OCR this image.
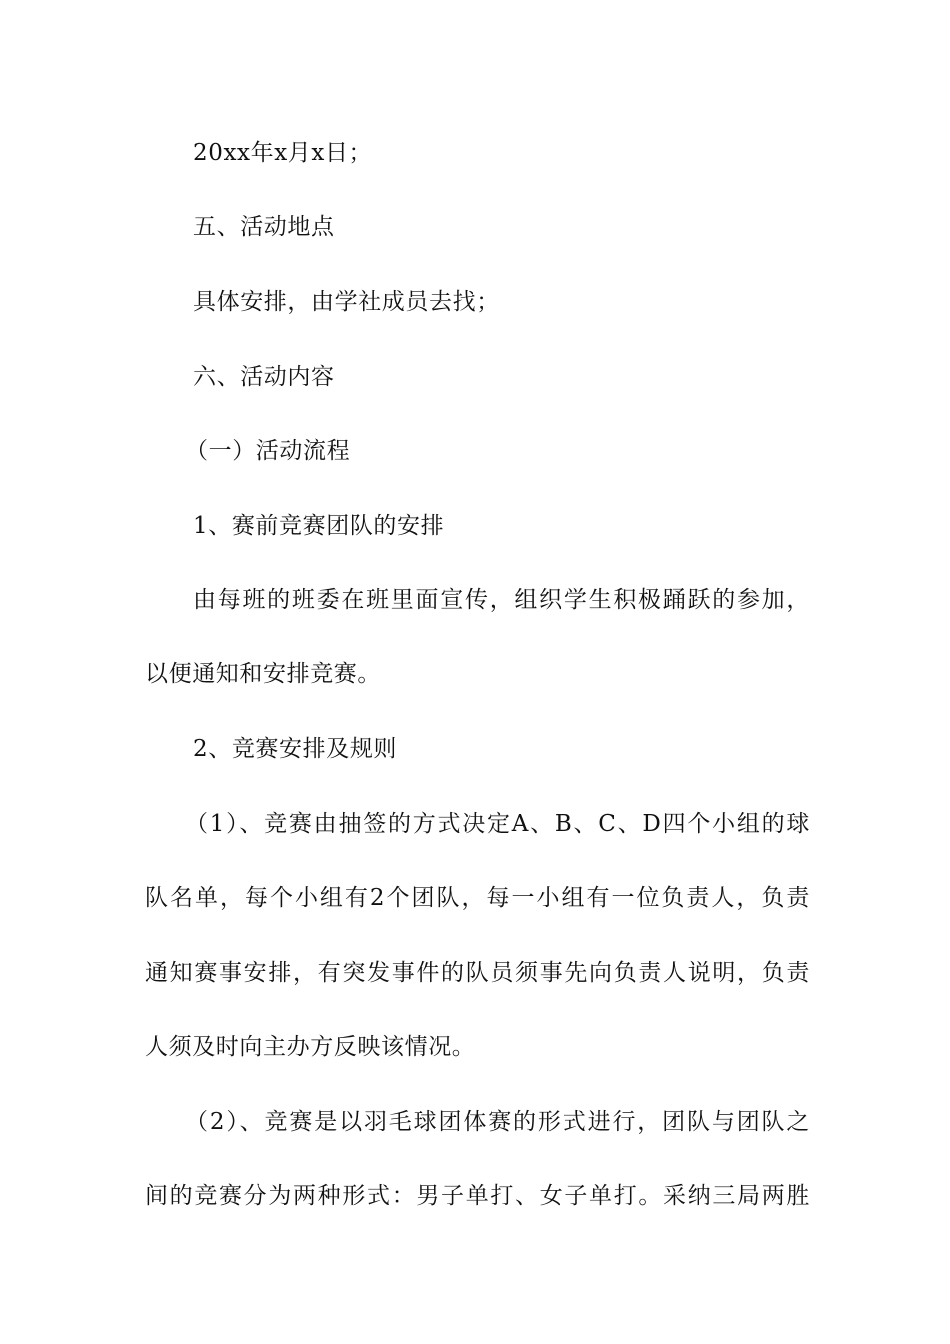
20xx年x月x日；
五、活动地点
具体安排，由学社成员去找；
六、活动内容
（一）活动流程
1、赛前竞赛团队的安排
由每班的班委在班里面宣传，组织学生积极踊跃的参加，
以便通知和安排竞赛。
2、竞赛安排及规则
（1）、竞赛由抽签的方式决定A、B、C、D四个小组的球
队名单，每个小组有2个团队，每一小组有一位负责人，负责
通知赛事安排，有突发事件的队员须事先向负责人说明，负责
人须及时向主办方反映该情况。
（2）、竞赛是以羽毛球团体赛的形式进行，团队与团队之
间的竞赛分为两种形式：男子单打、女子单打。采纳三局两胜
